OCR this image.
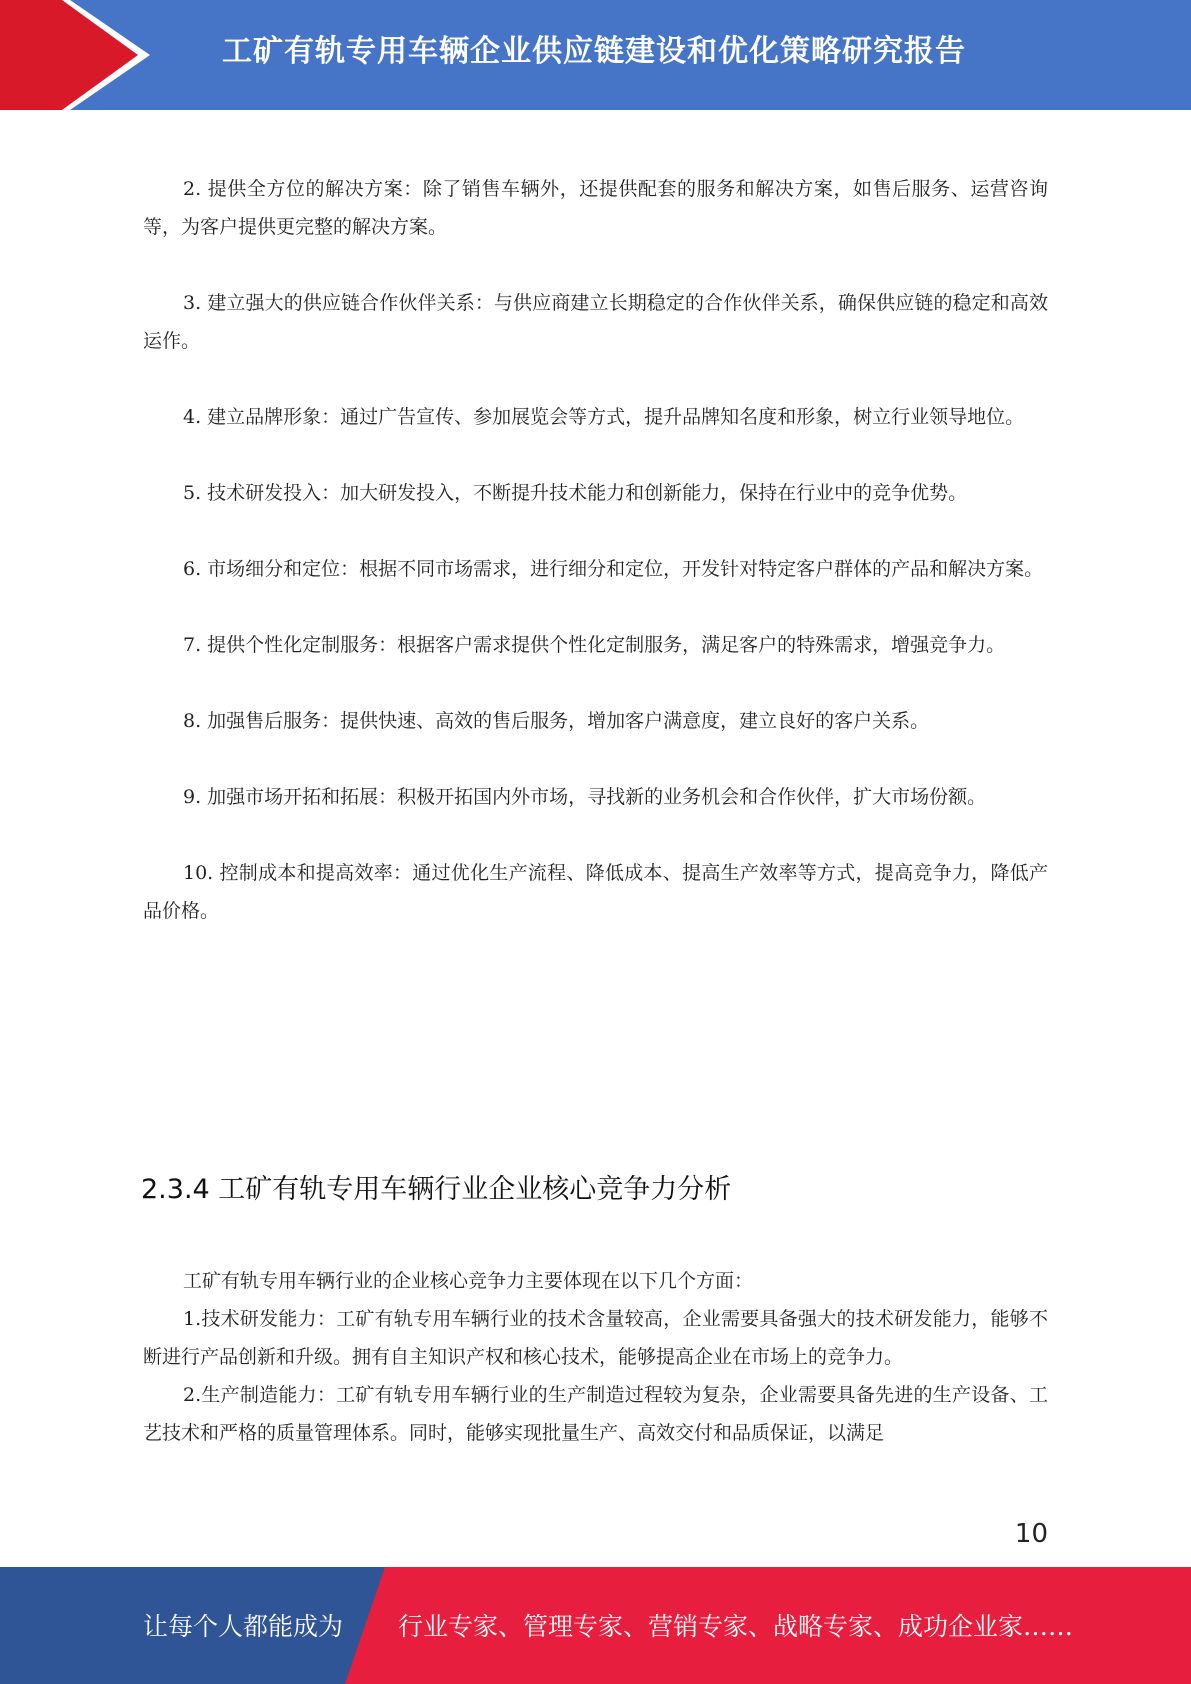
工矿有轨专用车辆企业供应链建设和优化策略研究报告

2. 提供全方位的解决方案：除了销售车辆外，还提供配套的服务和解决方案，如售后服务、运营咨询等，为客户提供更完整的解决方案。

3. 建立强大的供应链合作伙伴关系：与供应商建立长期稳定的合作伙伴关系，确保供应链的稳定和高效运作。

4. 建立品牌形象：通过广告宣传、参加展览会等方式，提升品牌知名度和形象，树立行业领导地位。

5. 技术研发投入：加大研发投入，不断提升技术能力和创新能力，保持在行业中的竞争优势。

6. 市场细分和定位：根据不同市场需求，进行细分和定位，开发针对特定客户群体的产品和解决方案。

7. 提供个性化定制服务：根据客户需求提供个性化定制服务，满足客户的特殊需求，增强竞争力。

8. 加强售后服务：提供快速、高效的售后服务，增加客户满意度，建立良好的客户关系。

9. 加强市场开拓和拓展：积极开拓国内外市场，寻找新的业务机会和合作伙伴，扩大市场份额。

10. 控制成本和提高效率：通过优化生产流程、降低成本、提高生产效率等方式，提高竞争力，降低产品价格。

2.3.4 工矿有轨专用车辆行业企业核心竞争力分析

工矿有轨专用车辆行业的企业核心竞争力主要体现在以下几个方面：

1.技术研发能力：工矿有轨专用车辆行业的技术含量较高，企业需要具备强大的技术研发能力，能够不断进行产品创新和升级。拥有自主知识产权和核心技术，能够提高企业在市场上的竞争力。

2.生产制造能力：工矿有轨专用车辆行业的生产制造过程较为复杂，企业需要具备先进的生产设备、工艺技术和严格的质量管理体系。同时，能够实现批量生产、高效交付和品质保证，以满足

10
让每个人都能成为 行业专家、管理专家、营销专家、战略专家、成功企业家……
